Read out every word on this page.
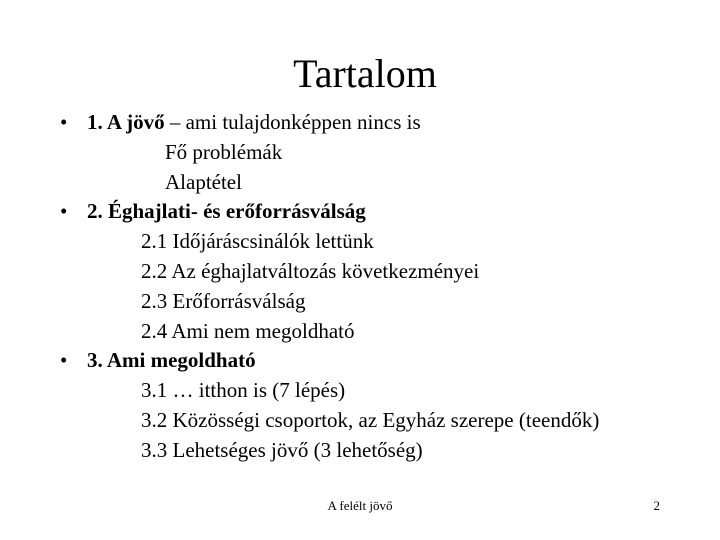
Tartalom
• 1. A jövő – ami tulajdonképpen nincs is
Fő problémák
Alaptétel
• 2. Éghajlati- és erőforrásválság
2.1 Időjáráscsinálók lettünk
2.2 Az éghajlatváltozás következményei
2.3 Erőforrásválság
2.4 Ami nem megoldható
• 3. Ami megoldható
3.1 … itthon is (7 lépés)
3.2 Közösségi csoportok, az Egyház szerepe (teendők)
3.3 Lehetséges jövő (3 lehetőség)
A felélt jövő	2
